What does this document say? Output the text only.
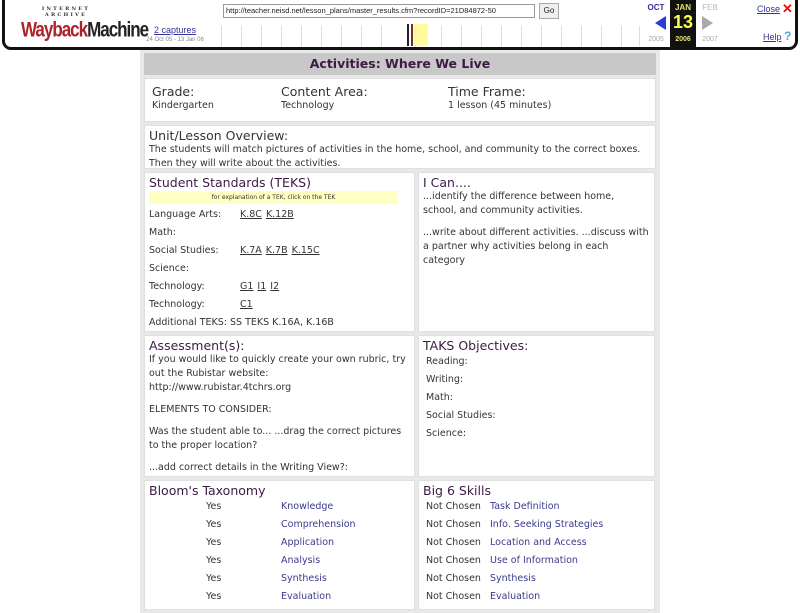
INTERNET ARCHIVE
WaybackMachine 2 captures
24 Oct 05 - 13 Jan 06
http://teacher.neisd.net/lesson_plans/master_results.cfm?recordID=21D84872-50	Go	OCT	JAN	FEB
13
2005	2006	2007
Close ✕
Help ?
Activities: Where We Live
Grade:
Kindergarten
Content Area:
Technology
Time Frame:
1 lesson (45 minutes)
Unit/Lesson Overview:
The students will match pictures of activities in the home, school, and community to the correct boxes. Then they will write about the activities.
Student Standards (TEKS)
for explanation of a TEK, click on the TEK
Language Arts:	K.8C K.12B
Math:
Social Studies:	K.7A K.7B K.15C
Science:
Technology:	G1 I1 I2
Technology:	C1
Additional TEKS: SS TEKS K.16A, K.16B
I Can....
...identify the difference between home, school, and community activities.
...write about different activities. ...discuss with a partner why activities belong in each category
Assessment(s):
If you would like to quickly create your own rubric, try out the Rubistar website: http://www.rubistar.4tchrs.org
ELEMENTS TO CONSIDER:
Was the student able to... ...drag the correct pictures to the proper location?
...add correct details in the Writing View?:
TAKS Objectives:
Reading:
Writing:
Math:
Social Studies:
Science:
Bloom's Taxonomy
Yes	Knowledge
Yes	Comprehension
Yes	Application
Yes	Analysis
Yes	Synthesis
Yes	Evaluation
Big 6 Skills
Not Chosen Task Definition
Not Chosen Info. Seeking Strategies
Not Chosen Location and Access
Not Chosen Use of Information
Not Chosen Synthesis
Not Chosen Evaluation
